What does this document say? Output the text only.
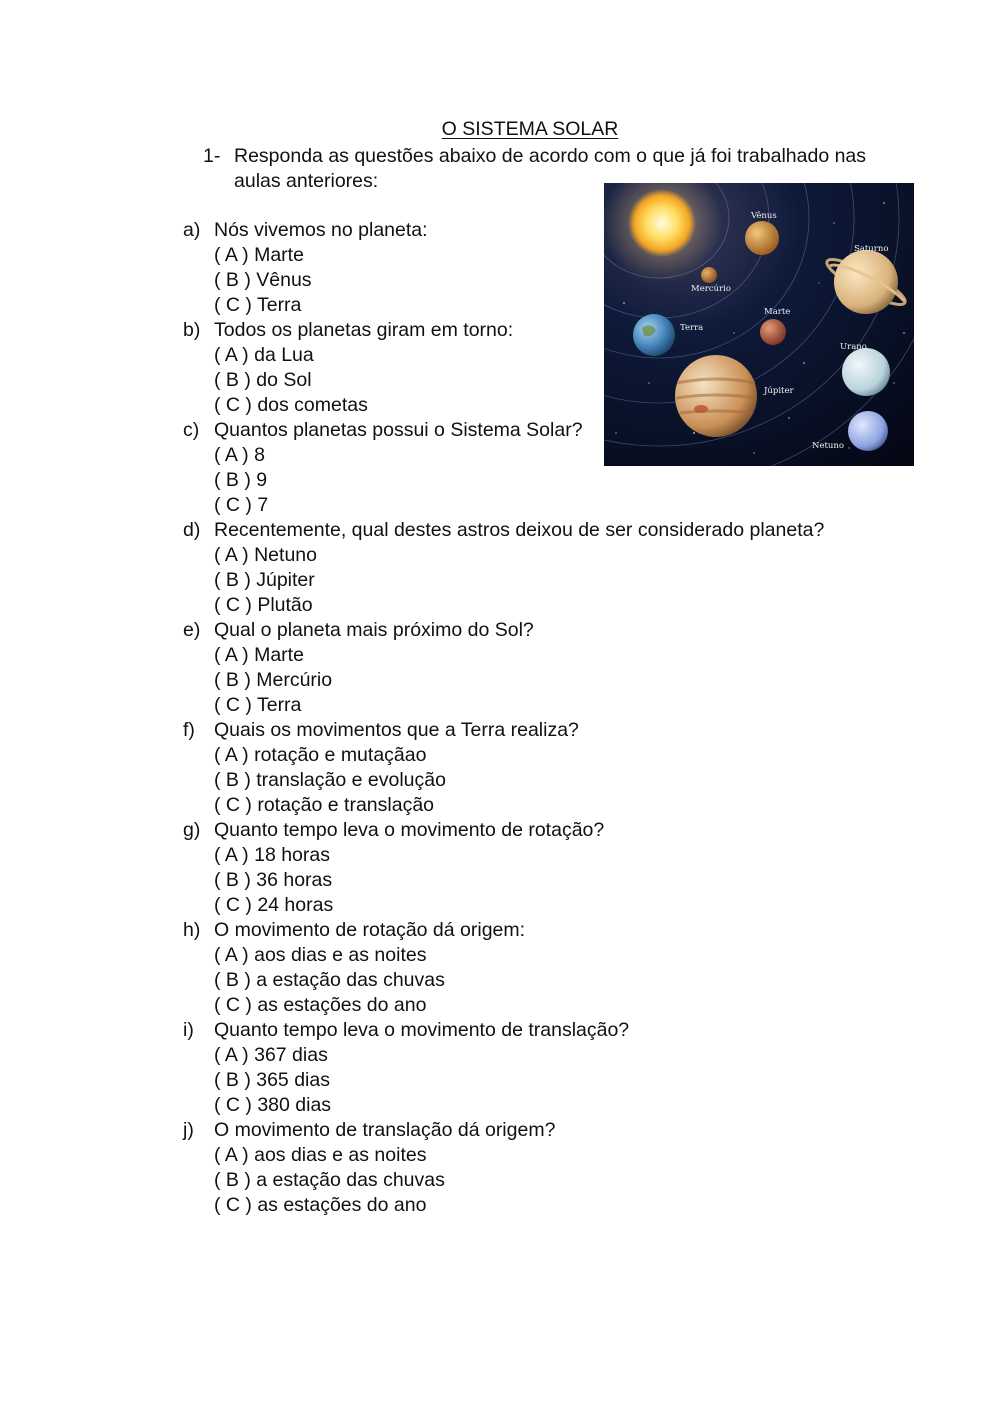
O SISTEMA SOLAR
1- Responda as questões abaixo de acordo com o que já foi trabalhado nas aulas anteriores:
Vênus
Saturno
Mercúrio
Marte
Terra
Urano
Júpiter
Netuno
a) Nós vivemos no planeta:
( A ) Marte
( B ) Vênus
( C ) Terra
b) Todos os planetas giram em torno:
( A ) da Lua
( B ) do Sol
( C ) dos cometas
c) Quantos planetas possui o Sistema Solar?
( A ) 8
( B ) 9
( C ) 7
d) Recentemente, qual destes astros deixou de ser considerado planeta?
( A ) Netuno
( B ) Júpiter
( C ) Plutão
e) Qual o planeta mais próximo do Sol?
( A ) Marte
( B ) Mercúrio
( C ) Terra
f) Quais os movimentos que a Terra realiza?
( A ) rotação e mutaçãao
( B ) translação e evolução
( C ) rotação e translação
g) Quanto tempo leva o movimento de rotação?
( A ) 18 horas
( B ) 36 horas
( C ) 24 horas
h) O movimento de rotação dá origem:
( A ) aos dias e as noites
( B ) a estação das chuvas
( C ) as estações do ano
i)	Quanto tempo leva o movimento de translação?
( A ) 367 dias
( B ) 365 dias
( C ) 380 dias
j)	O movimento de translação dá origem?
( A ) aos dias e as noites
( B ) a estação das chuvas
( C ) as estações do ano
